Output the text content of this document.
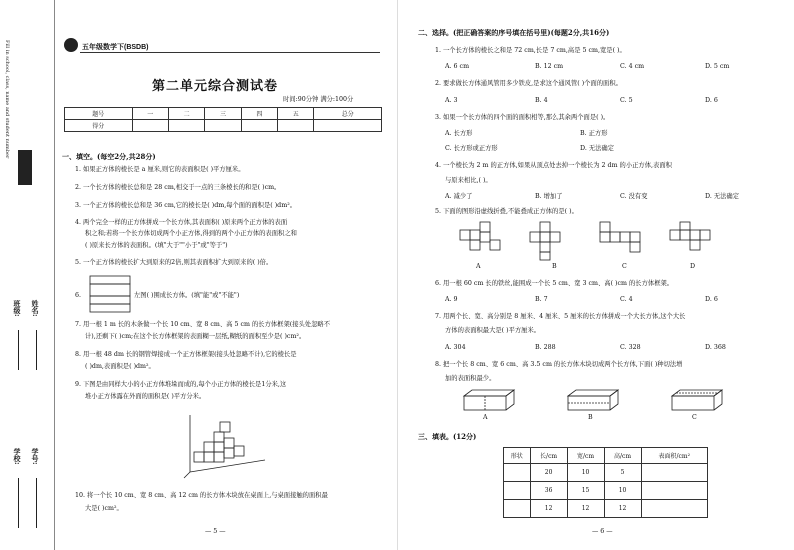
Fill in school, class, name and student number
班级: 姓名:
学校: 学号:
五年级数学下(BSDB)
第二单元综合测试卷
时间:90分钟 满分:100分
题号	一	二	三	四	五	总分
得分						
一、填空。(每空2分,共28分)
1. 如果正方体的棱长是 a 厘米,则它的表面积是( )平方厘米。
2. 一个长方体的棱长总和是 28 cm,相交于一点的三条棱长的和是( )cm。
3. 一个正方体的棱长总和是 36 cm,它的棱长是( )dm,每个面的面积是( )dm²。
4. 两个完全一样的正方体拼成一个长方体,其表面积( )原来两个正方体的表面
积之和;若将一个长方体切成两个小正方体,得到的两个小正方体的表面积之和
( )原来长方体的表面积。(填"大于""小于"或"等于")
5. 一个正方体的棱长扩大到原来的2倍,则其表面积扩大到原来的( )倍。
6.	左图( )围成长方体。(填"能"或"不能")
7. 用一根 1 m 长的木条做一个长 10 cm、宽 8 cm、高 5 cm 的长方体框架(接头处忽略不
计),还剩下( )cm;在这个长方体框架的表面糊一层纸,糊纸的面积至少是( )cm²。
8. 用一根 48 dm 长的钢管焊接成一个正方体框架(接头处忽略不计),它的棱长是
( )dm,表面积是( )dm²。
9. 下图是由同样大小的小正方体堆垛而成的,每个小正方体的棱长是1分米,这
堆小正方体露在外面的面积是( )平方分米。
10. 将一个长 10 cm、宽 8 cm、高 12 cm 的长方体木块放在桌面上,与桌面接触的面积最
大是( )cm²。
— 5 —
二、选择。(把正确答案的序号填在括号里)(每题2分,共16分)
1. 一个长方体的棱长之和是 72 cm,长是 7 cm,高是 5 cm,宽是( )。
A. 6 cm	B. 12 cm	C. 4 cm	D. 5 cm
2. 要求做长方体通风管用多少铁皮,是求这个通风管( )个面的面积。
A. 3	B. 4	C. 5	D. 6
3. 如果一个长方体的四个面的面积相等,那么其余两个面是( )。
A. 长方形	B. 正方形
C. 长方形或正方形	D. 无法确定
4. 一个棱长为 2 m 的正方体,如果从顶点处去掉一个棱长为 2 dm 的小正方体,表面积
与原来相比,( )。
A. 减少了	B. 增加了	C. 没有变	D. 无法确定
5. 下面的图形沿虚线折叠,不能叠成正方体的是( )。
A	B	C	D
6. 用一根 60 cm 长的铁丝,能围成一个长 5 cm、宽 3 cm、高( )cm 的长方体框架。
A. 9	B. 7	C. 4	D. 6
7. 用两个长、宽、高分别是 8 厘米、4 厘米、5 厘米的长方体拼成一个大长方体,这个大长
方体的表面积最大是( )平方厘米。
A. 304	B. 288	C. 328	D. 368
8. 把一个长 8 cm、宽 6 cm、高 3.5 cm 的长方体木块切成两个长方体,下面( )种切法增
加的表面积最少。
A	B	C
三、填表。(12分)
形状	长/cm	宽/cm	高/cm	表面积/cm²
	20	10	5	
	36	15	10	
	12	12	12	
— 6 —
